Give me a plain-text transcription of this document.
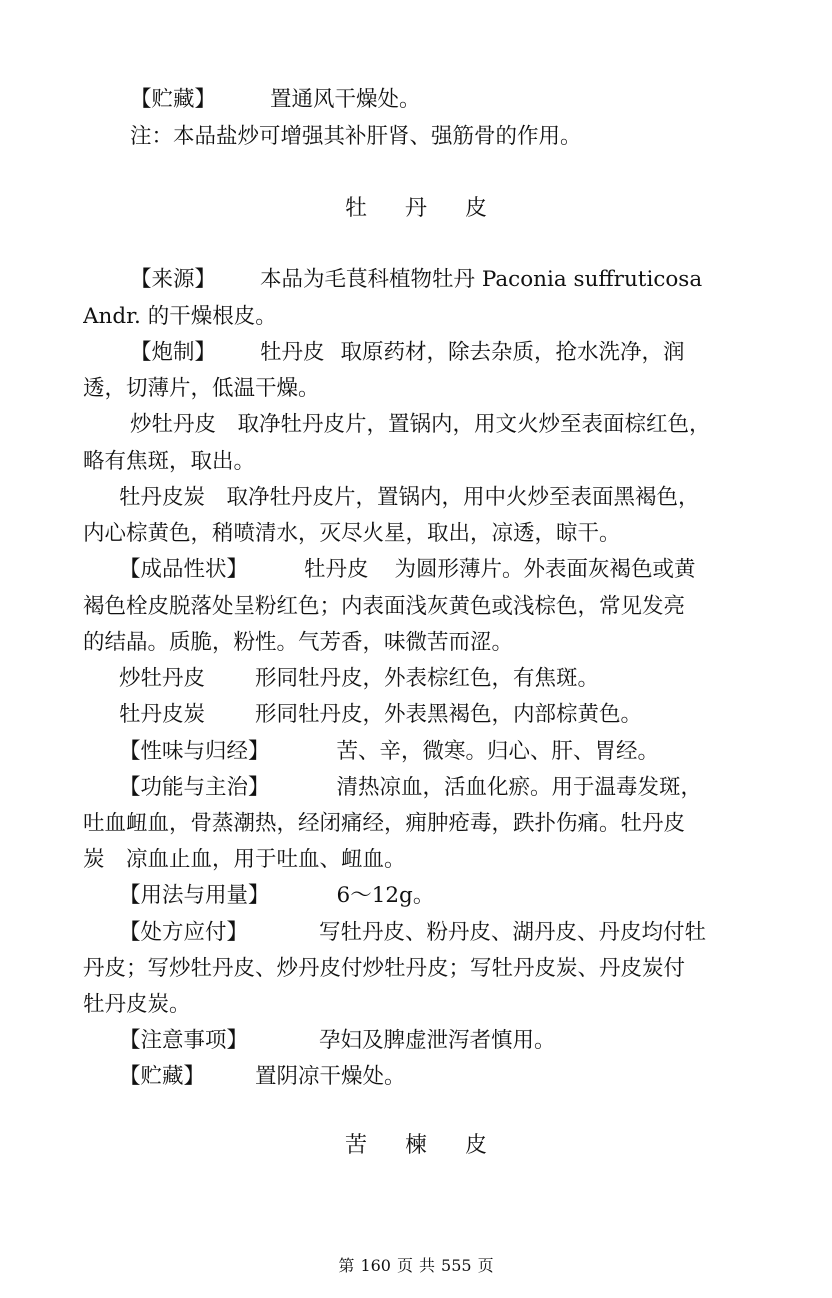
【贮藏】	置通风干燥处。
注：本品盐炒可增强其补肝肾、强筋骨的作用。
牡 丹 皮
【来源】 本品为毛茛科植物牡丹 Paconia suffruticosa
Andr. 的干燥根皮。
【炮制】 牡丹皮 取原药材，除去杂质，抢水洗净，润
透，切薄片，低温干燥。
炒牡丹皮　取净牡丹皮片，置锅内，用文火炒至表面棕红色，
略有焦斑，取出。
牡丹皮炭　取净牡丹皮片，置锅内，用中火炒至表面黑褐色，
内心棕黄色，稍喷清水，灭尽火星，取出，凉透，晾干。
【成品性状】	牡丹皮 为圆形薄片。外表面灰褐色或黄
褐色栓皮脱落处呈粉红色；内表面浅灰黄色或浅棕色，常见发亮
的结晶。质脆，粉性。气芳香，味微苦而涩。
炒牡丹皮 形同牡丹皮，外表棕红色，有焦斑。
牡丹皮炭 形同牡丹皮，外表黑褐色，内部棕黄色。
【性味与归经】	苦、辛，微寒。归心、肝、胃经。
【功能与主治】	清热凉血，活血化瘀。用于温毒发斑，
吐血衄血，骨蒸潮热，经闭痛经，痈肿疮毒，跌扑伤痛。牡丹皮
炭　凉血止血，用于吐血、衄血。
【用法与用量】	6～12g。
【处方应付】	写牡丹皮、粉丹皮、湖丹皮、丹皮均付牡
丹皮；写炒牡丹皮、炒丹皮付炒牡丹皮；写牡丹皮炭、丹皮炭付
牡丹皮炭。
【注意事项】	孕妇及脾虚泄泻者慎用。
【贮藏】 置阴凉干燥处。
苦 楝 皮
第 160 页 共 555 页
